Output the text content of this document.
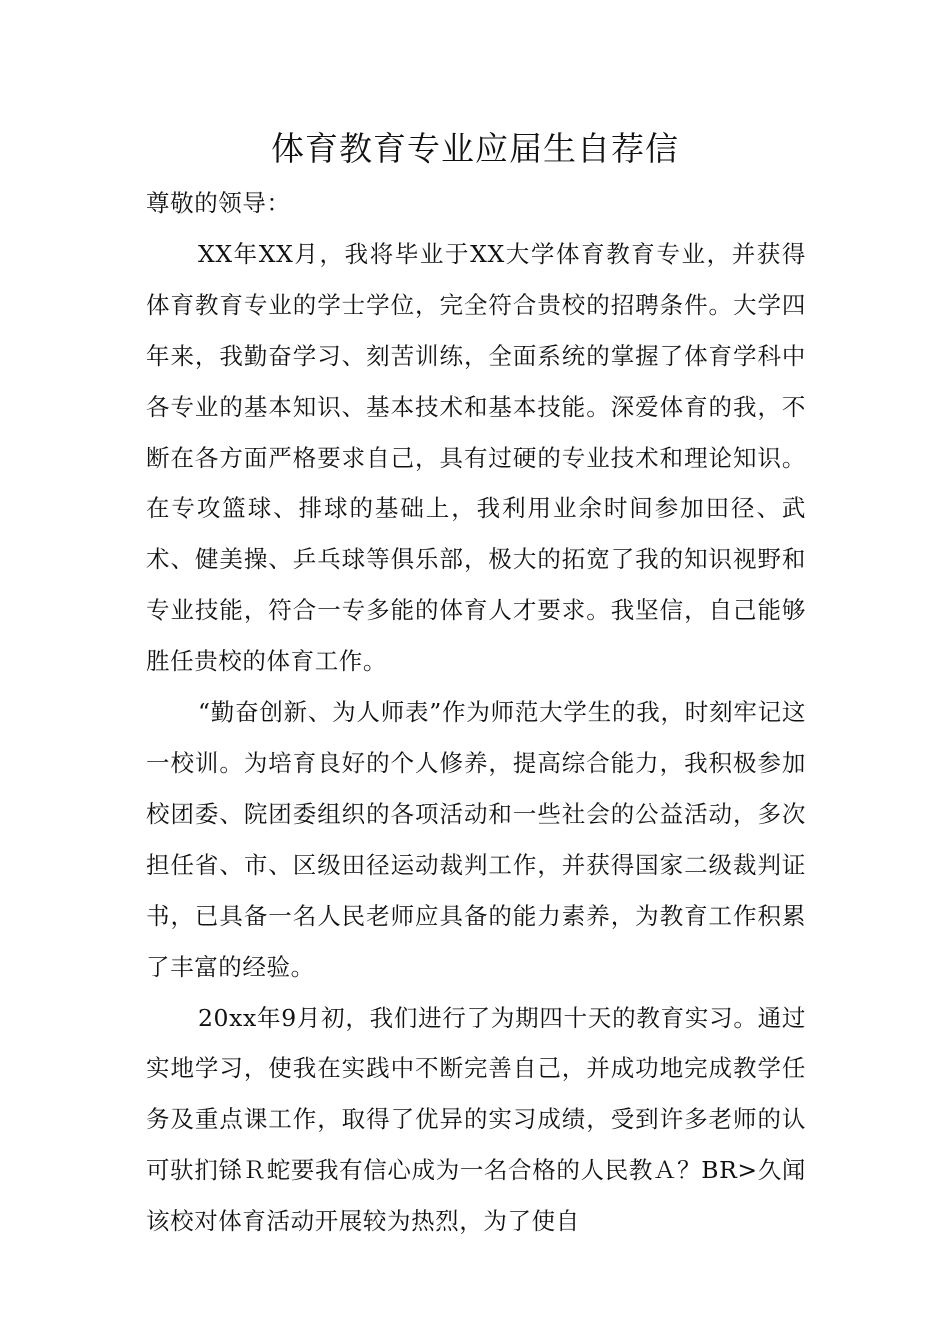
体育教育专业应届生自荐信

尊敬的领导：

XX年XX月，我将毕业于XX大学体育教育专业，并获得体育教育专业的学士学位，完全符合贵校的招聘条件。大学四年来，我勤奋学习、刻苦训练，全面系统的掌握了体育学科中各专业的基本知识、基本技术和基本技能。深爱体育的我，不断在各方面严格要求自己，具有过硬的专业技术和理论知识。在专攻篮球、排球的基础上，我利用业余时间参加田径、武术、健美操、乒乓球等俱乐部，极大的拓宽了我的知识视野和专业技能，符合一专多能的体育人才要求。我坚信，自己能够胜任贵校的体育工作。

“勤奋创新、为人师表”作为师范大学生的我，时刻牢记这一校训。为培育良好的个人修养，提高综合能力，我积极参加校团委、院团委组织的各项活动和一些社会的公益活动，多次担任省、市、区级田径运动裁判工作，并获得国家二级裁判证书，已具备一名人民老师应具备的能力素养，为教育工作积累了丰富的经验。

20xx年9月初，我们进行了为期四十天的教育实习。通过实地学习，使我在实践中不断完善自己，并成功地完成教学任务及重点课工作，取得了优异的实习成绩，受到许多老师的认可驮扪铩Ｒ蛇要我有信心成为一名合格的人民教Ａ？BR>久闻该校对体育活动开展较为热烈，为了使自
